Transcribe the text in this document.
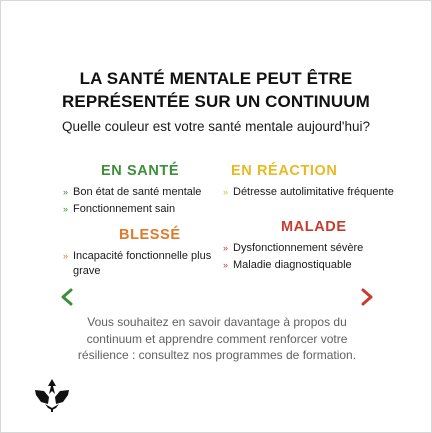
LA SANTÉ MENTALE PEUT ÊTRE
REPRÉSENTÉE SUR UN CONTINUUM
Quelle couleur est votre santé mentale aujourd'hui?
EN SANTÉ
» Bon état de santé mentale
» Fonctionnement sain
EN RÉACTION
» Détresse autolimitative fréquente
BLESSÉ
» Incapacité fonctionnelle plus grave
MALADE
» Dysfonctionnement sévère
» Maladie diagnostiquable
Vous souhaitez en savoir davantage à propos du continuum et apprendre comment renforcer votre résilience : consultez nos programmes de formation.
